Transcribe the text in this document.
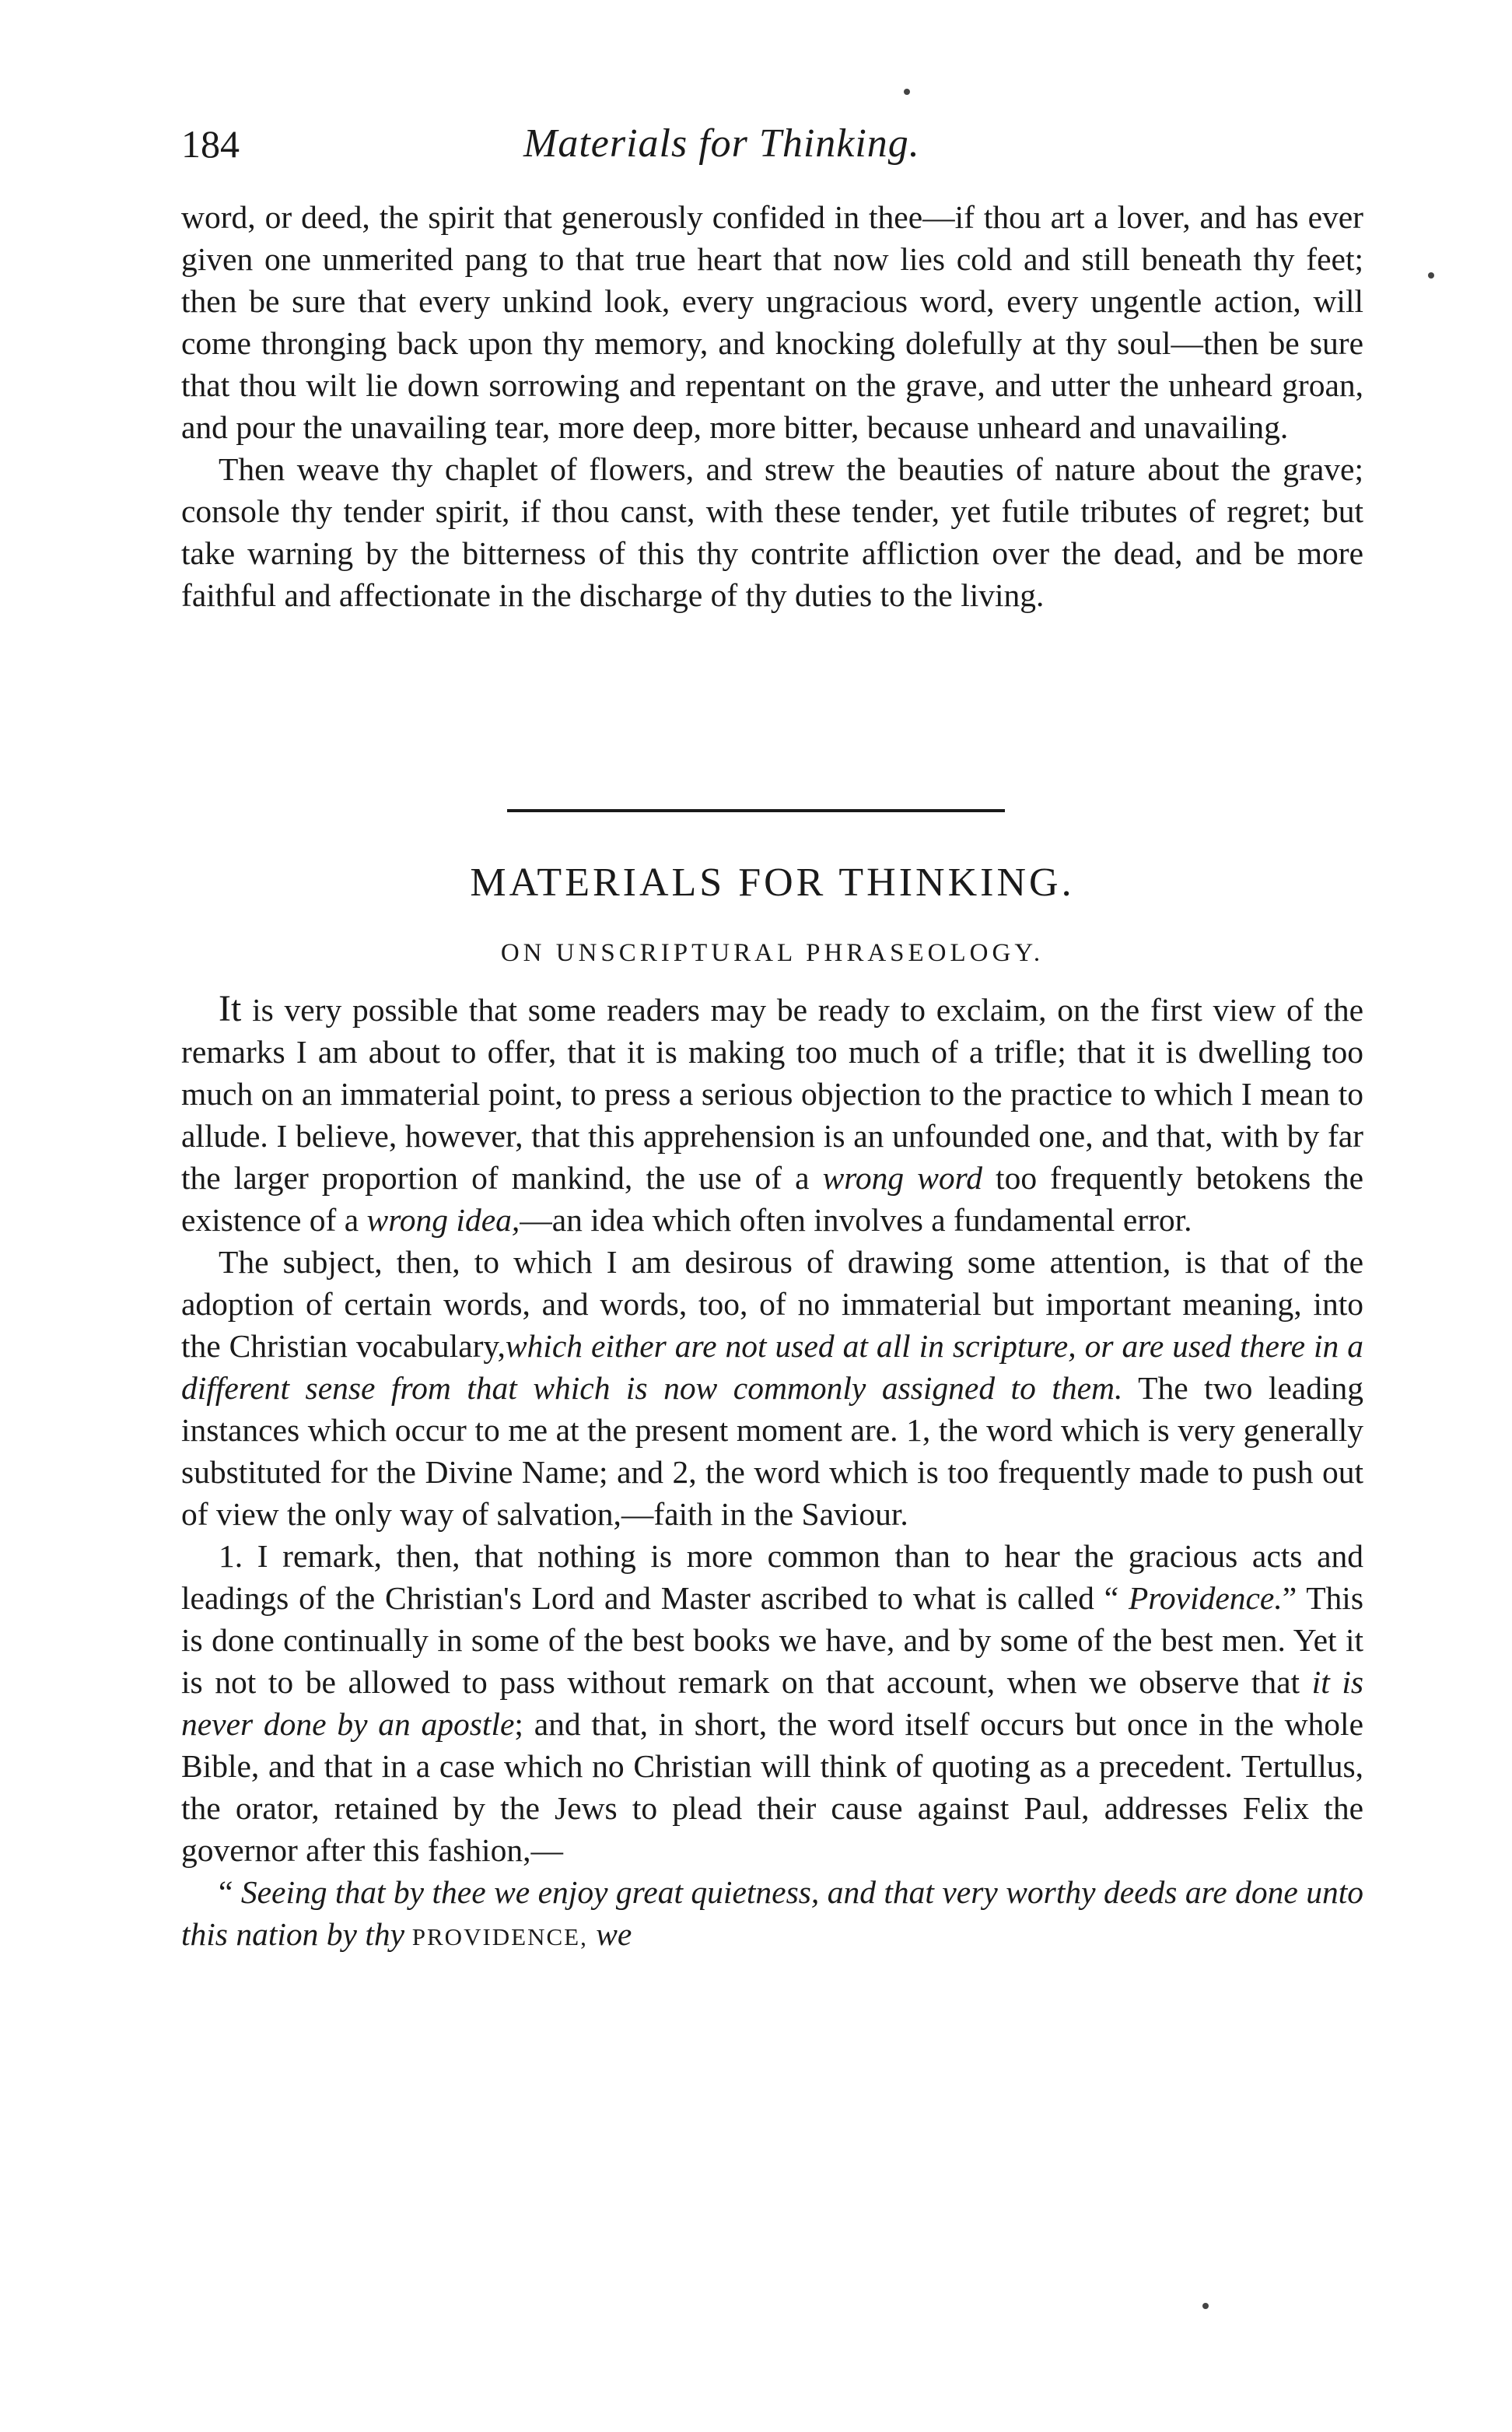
184	Materials for Thinking.

word, or deed, the spirit that generously confided in thee—if thou art a lover, and has ever given one unmerited pang to that true heart that now lies cold and still beneath thy feet; then be sure that every unkind look, every ungracious word, every ungentle action, will come thronging back upon thy memory, and knocking dolefully at thy soul—then be sure that thou wilt lie down sorrowing and repentant on the grave, and utter the unheard groan, and pour the unavailing tear, more deep, more bitter, because unheard and unavailing.

Then weave thy chaplet of flowers, and strew the beauties of nature about the grave; console thy tender spirit, if thou canst, with these tender, yet futile tributes of regret; but take warning by the bitterness of this thy contrite affliction over the dead, and be more faithful and affectionate in the discharge of thy duties to the living.

MATERIALS FOR THINKING.
ON UNSCRIPTURAL PHRASEOLOGY.

It is very possible that some readers may be ready to exclaim, on the first view of the remarks I am about to offer, that it is making too much of a trifle; that it is dwelling too much on an immaterial point, to press a serious objection to the practice to which I mean to allude. I believe, however, that this apprehension is an unfounded one, and that, with by far the larger proportion of mankind, the use of a wrong word too frequently betokens the existence of a wrong idea,—an idea which often involves a fundamental error.

The subject, then, to which I am desirous of drawing some attention, is that of the adoption of certain words, and words, too, of no immaterial but important meaning, into the Christian vocabulary,which either are not used at all in scripture, or are used there in a different sense from that which is now commonly assigned to them. The two leading instances which occur to me at the present moment are. 1, the word which is very generally substituted for the Divine Name; and 2, the word which is too frequently made to push out of view the only way of salvation,—faith in the Saviour.

1. I remark, then, that nothing is more common than to hear the gracious acts and leadings of the Christian's Lord and Master ascribed to what is called “ Providence.” This is done continually in some of the best books we have, and by some of the best men. Yet it is not to be allowed to pass without remark on that account, when we observe that it is never done by an apostle; and that, in short, the word itself occurs but once in the whole Bible, and that in a case which no Christian will think of quoting as a precedent. Tertullus, the orator, retained by the Jews to plead their cause against Paul, addresses Felix the governor after this fashion,—

“ Seeing that by thee we enjoy great quietness, and that very worthy deeds are done unto this nation by thy PROVIDENCE, we
